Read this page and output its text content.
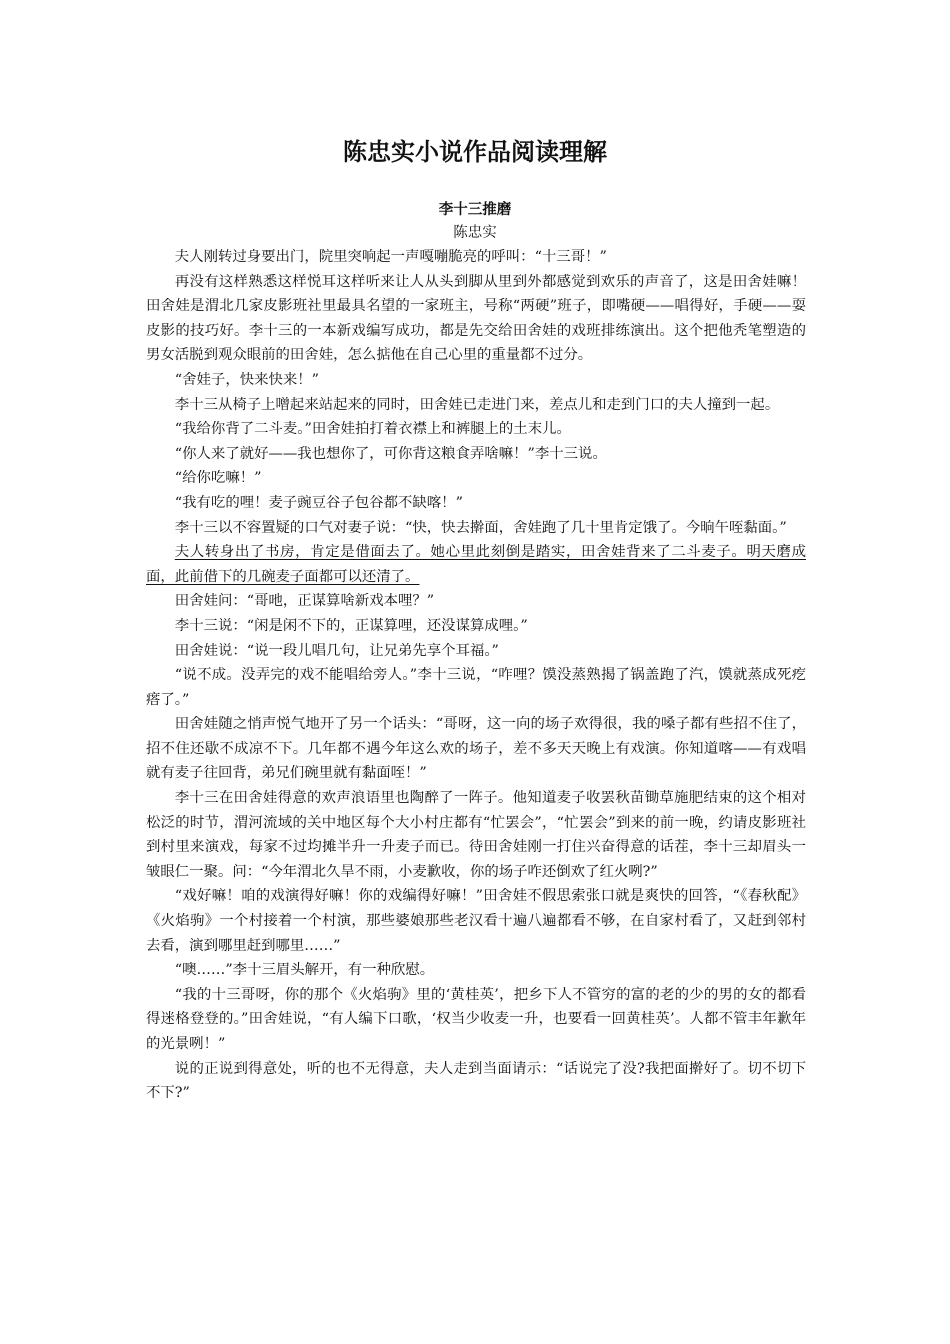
陈忠实小说作品阅读理解
李十三推磨
陈忠实

夫人刚转过身要出门，院里突响起一声嘎嘣脆亮的呼叫：“十三哥！”

再没有这样熟悉这样悦耳这样听来让人从头到脚从里到外都感觉到欢乐的声音了，这是田舍娃嘛！田舍娃是渭北几家皮影班社里最具名望的一家班主，号称“两硬”班子，即嘴硬——唱得好，手硬——耍皮影的技巧好。李十三的一本新戏编写成功，都是先交给田舍娃的戏班排练演出。这个把他秃笔塑造的男女活脱到观众眼前的田舍娃，怎么掂他在自己心里的重量都不过分。

“舍娃子，快来快来！”

李十三从椅子上噌起来站起来的同时，田舍娃已走进门来，差点儿和走到门口的夫人撞到一起。

“我给你背了二斗麦。”田舍娃拍打着衣襟上和裤腿上的土末儿。

“你人来了就好——我也想你了，可你背这粮食弄啥嘛！”李十三说。

“给你吃嘛！”

“我有吃的哩！麦子豌豆谷子包谷都不缺喀！”

李十三以不容置疑的口气对妻子说：“快，快去擀面，舍娃跑了几十里肯定饿了。今晌午咥黏面。”

夫人转身出了书房，肯定是借面去了。她心里此刻倒是踏实，田舍娃背来了二斗麦子。明天磨成面，此前借下的几碗麦子面都可以还清了。

田舍娃问：“哥吔，正谋算啥新戏本哩？”

李十三说：“闲是闲不下的，正谋算哩，还没谋算成哩。”

田舍娃说：“说一段儿唱几句，让兄弟先享个耳福。”

“说不成。没弄完的戏不能唱给旁人。”李十三说，“咋哩？馍没蒸熟揭了锅盖跑了汽，馍就蒸成死疙瘩了。”

田舍娃随之悄声悦气地开了另一个话头：“哥呀，这一向的场子欢得很，我的嗓子都有些招不住了，招不住还歇不成凉不下。几年都不遇今年这么欢的场子，差不多天天晚上有戏演。你知道喀——有戏唱就有麦子往回背，弟兄们碗里就有黏面咥！”

李十三在田舍娃得意的欢声浪语里也陶醉了一阵子。他知道麦子收罢秋苗锄草施肥结束的这个相对松泛的时节，渭河流域的关中地区每个大小村庄都有“忙罢会”，“忙罢会”到来的前一晚，约请皮影班社到村里来演戏，每家不过均摊半升一升麦子而已。待田舍娃刚一打住兴奋得意的话茬，李十三却眉头一皱眼仁一聚。问：“今年渭北久旱不雨，小麦歉收，你的场子咋还倒欢了红火咧?”

“戏好嘛！咱的戏演得好嘛！你的戏编得好嘛！”田舍娃不假思索张口就是爽快的回答，“《春秋配》《火焰驹》一个村接着一个村演，那些婆娘那些老汉看十遍八遍都看不够，在自家村看了，又赶到邻村去看，演到哪里赶到哪里……”

“噢……”李十三眉头解开，有一种欣慰。

“我的十三哥呀，你的那个《火焰驹》里的‘黄桂英’，把乡下人不管穷的富的老的少的男的女的都看得迷格登登的。”田舍娃说，“有人编下口歌，‘权当少收麦一升，也要看一回黄桂英’。人都不管丰年歉年的光景咧！”

说的正说到得意处，听的也不无得意，夫人走到当面请示：“话说完了没?我把面擀好了。切不切下不下?”
